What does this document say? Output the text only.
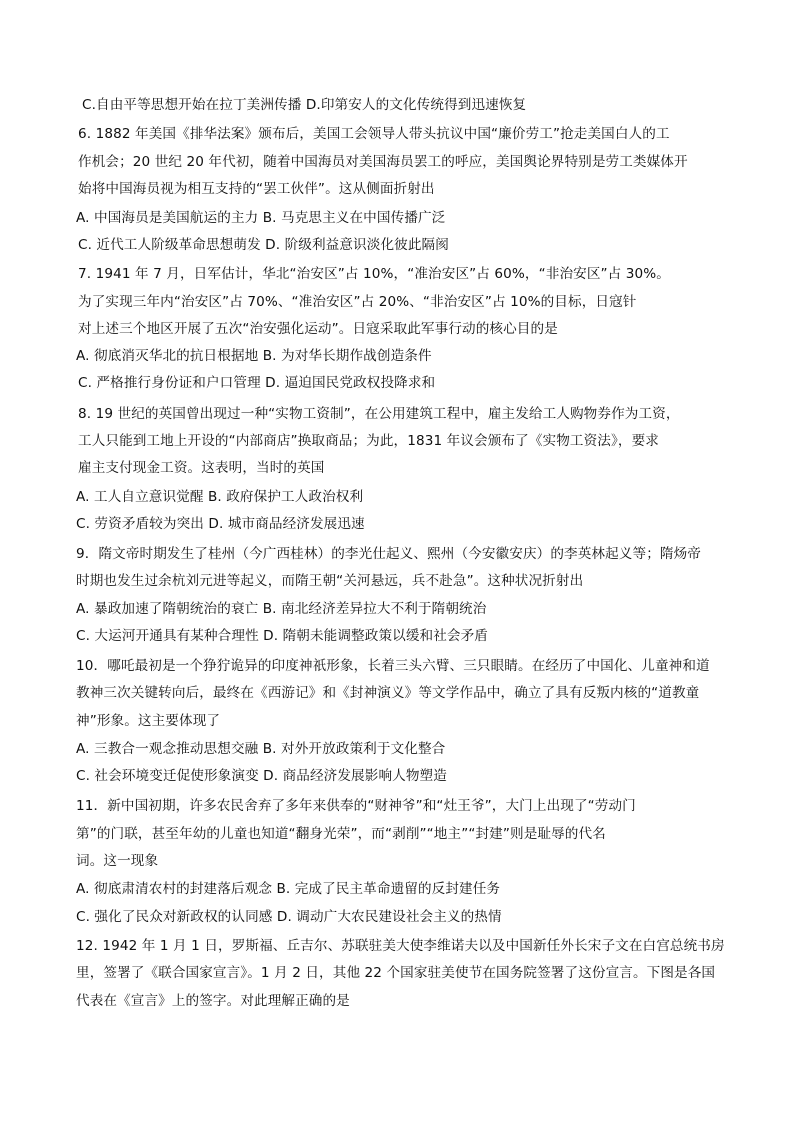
C.自由平等思想开始在拉丁美洲传播 D.印第安人的文化传统得到迅速恢复
6. 1882 年美国《排华法案》颁布后，美国工会领导人带头抗议中国“廉价劳工”抢走美国白人的工
作机会；20 世纪 20 年代初，随着中国海员对美国海员罢工的呼应，美国舆论界特别是劳工类媒体开
始将中国海员视为相互支持的“罢工伙伴”。这从侧面折射出
A. 中国海员是美国航运的主力 B. 马克思主义在中国传播广泛
C. 近代工人阶级革命思想萌发 D. 阶级利益意识淡化彼此隔阂
7. 1941 年 7 月，日军估计，华北“治安区”占 10%，“准治安区”占 60%，“非治安区”占 30%。
为了实现三年内“治安区”占 70%、“准治安区”占 20%、“非治安区”占 10%的目标，日寇针
对上述三个地区开展了五次“治安强化运动”。日寇采取此军事行动的核心目的是
A. 彻底消灭华北的抗日根据地 B. 为对华长期作战创造条件
C. 严格推行身份证和户口管理 D. 逼迫国民党政权投降求和
8. 19 世纪的英国曾出现过一种“实物工资制”，在公用建筑工程中，雇主发给工人购物券作为工资，
工人只能到工地上开设的“内部商店”换取商品；为此，1831 年议会颁布了《实物工资法》，要求
雇主支付现金工资。这表明，当时的英国
A. 工人自立意识觉醒 B. 政府保护工人政治权利
C. 劳资矛盾较为突出 D. 城市商品经济发展迅速
9．隋文帝时期发生了桂州（今广西桂林）的李光仕起义、熙州（今安徽安庆）的李英林起义等；隋炀帝
时期也发生过余杭刘元进等起义，而隋王朝“关河悬远，兵不赴急”。这种状况折射出
A. 暴政加速了隋朝统治的衰亡 B. 南北经济差异拉大不利于隋朝统治
C. 大运河开通具有某种合理性 D. 隋朝未能调整政策以缓和社会矛盾
10．哪吒最初是一个狰狞诡异的印度神祇形象，长着三头六臂、三只眼睛。在经历了中国化、儿童神和道
教神三次关键转向后，最终在《西游记》和《封神演义》等文学作品中，确立了具有反叛内核的“道教童
神”形象。这主要体现了
A. 三教合一观念推动思想交融 B. 对外开放政策利于文化整合
C. 社会环境变迁促使形象演变 D. 商品经济发展影响人物塑造
11．新中国初期，许多农民舍弃了多年来供奉的“财神爷”和“灶王爷”，大门上出现了“劳动门
第”的门联，甚至年幼的儿童也知道“翻身光荣”，而“剥削”“地主”“封建”则是耻辱的代名
词。这一现象
A. 彻底肃清农村的封建落后观念 B. 完成了民主革命遗留的反封建任务
C. 强化了民众对新政权的认同感 D. 调动广大农民建设社会主义的热情
12. 1942 年 1 月 1 日，罗斯福、丘吉尔、苏联驻美大使李维诺夫以及中国新任外长宋子文在白宫总统书房
里，签署了《联合国家宣言》。1 月 2 日，其他 22 个国家驻美使节在国务院签署了这份宣言。下图是各国
代表在《宣言》上的签字。对此理解正确的是
